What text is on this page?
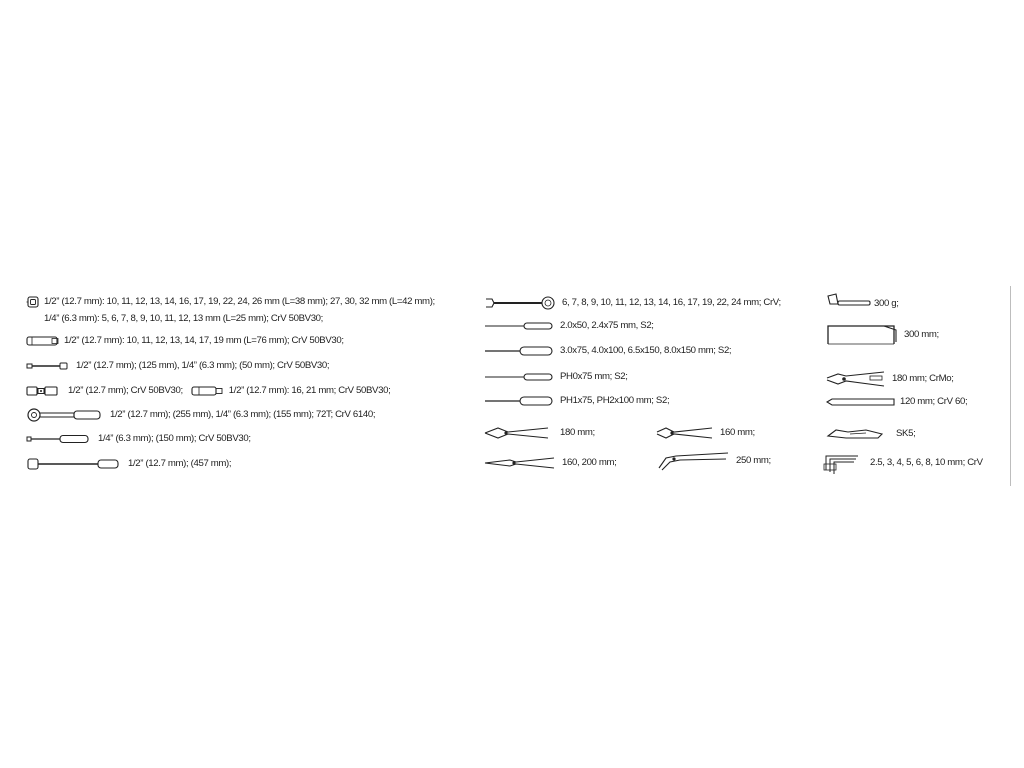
1/2” (12.7 mm): 10, 11, 12, 13, 14, 16, 17, 19, 22, 24, 26 mm (L=38 mm); 27, 30, 32 mm (L=42 mm);
1/4” (6.3 mm): 5, 6, 7, 8, 9, 10, 11, 12, 13 mm (L=25 mm); CrV 50BV30;
1/2” (12.7 mm): 10, 11, 12, 13, 14, 17, 19 mm (L=76 mm); CrV 50BV30;
1/2” (12.7 mm); (125 mm), 1/4” (6.3 mm); (50 mm); CrV 50BV30;
1/2” (12.7 mm); CrV 50BV30;	1/2” (12.7 mm): 16, 21 mm; CrV 50BV30;
1/2” (12.7 mm); (255 mm), 1/4” (6.3 mm); (155 mm); 72T; CrV 6140;
1/4” (6.3 mm); (150 mm); CrV 50BV30;
1/2” (12.7 mm); (457 mm);
6, 7, 8, 9, 10, 11, 12, 13, 14, 16, 17, 19, 22, 24 mm; CrV;
2.0x50, 2.4x75 mm, S2;
3.0x75, 4.0x100, 6.5x150, 8.0x150 mm; S2;
PH0x75 mm; S2;
PH1x75, PH2x100 mm; S2;
180 mm;	160 mm;
160, 200 mm;	250 mm;
300 g;
300 mm;
180 mm; CrMo;
120 mm; CrV 60;
SK5;
2.5, 3, 4, 5, 6, 8, 10 mm; CrV
